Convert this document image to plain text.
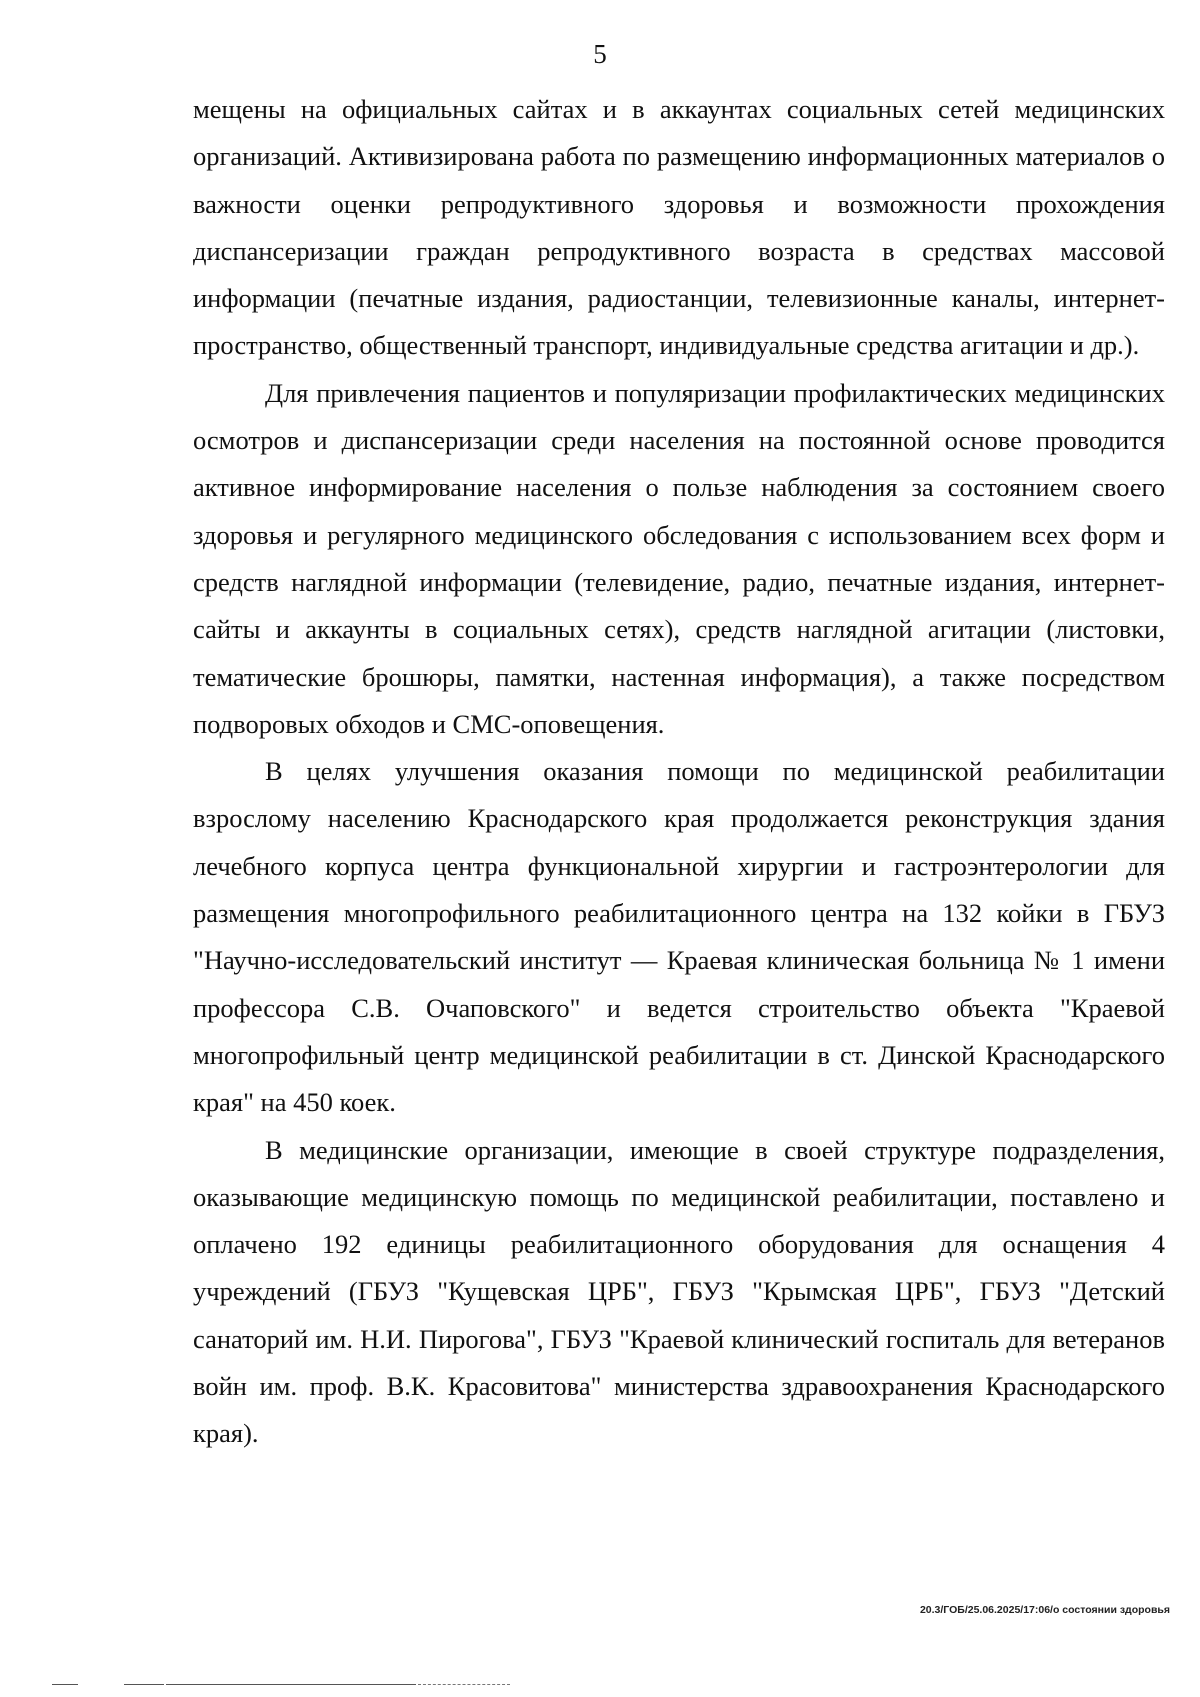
5

мещены на официальных сайтах и в аккаунтах социальных сетей медицинских организаций. Активизирована работа по размещению информационных материалов о важности оценки репродуктивного здоровья и возможности прохождения диспансеризации граждан репродуктивного возраста в средствах массовой информации (печатные издания, радиостанции, телевизионные каналы, интернет-пространство, общественный транспорт, индивидуальные средства агитации и др.).

Для привлечения пациентов и популяризации профилактических медицинских осмотров и диспансеризации среди населения на постоянной основе проводится активное информирование населения о пользе наблюдения за состоянием своего здоровья и регулярного медицинского обследования с использованием всех форм и средств наглядной информации (телевидение, радио, печатные издания, интернет-сайты и аккаунты в социальных сетях), средств наглядной агитации (листовки, тематические брошюры, памятки, настенная информация), а также посредством подворовых обходов и СМС-оповещения.

В целях улучшения оказания помощи по медицинской реабилитации взрослому населению Краснодарского края продолжается реконструкция здания лечебного корпуса центра функциональной хирургии и гастроэнтерологии для размещения многопрофильного реабилитационного центра на 132 койки в ГБУЗ "Научно-исследовательский институт — Краевая клиническая больница № 1 имени профессора С.В. Очаповского" и ведется строительство объекта "Краевой многопрофильный центр медицинской реабилитации в ст. Динской Краснодарского края" на 450 коек.

В медицинские организации, имеющие в своей структуре подразделения, оказывающие медицинскую помощь по медицинской реабилитации, поставлено и оплачено 192 единицы реабилитационного оборудования для оснащения 4 учреждений (ГБУЗ "Кущевская ЦРБ", ГБУЗ "Крымская ЦРБ", ГБУЗ "Детский санаторий им. Н.И. Пирогова", ГБУЗ "Краевой клинический госпиталь для ветеранов войн им. проф. В.К. Красовитова" министерства здравоохранения Краснодарского края).

20.3/ГОБ/25.06.2025/17:06/о состоянии здоровья
